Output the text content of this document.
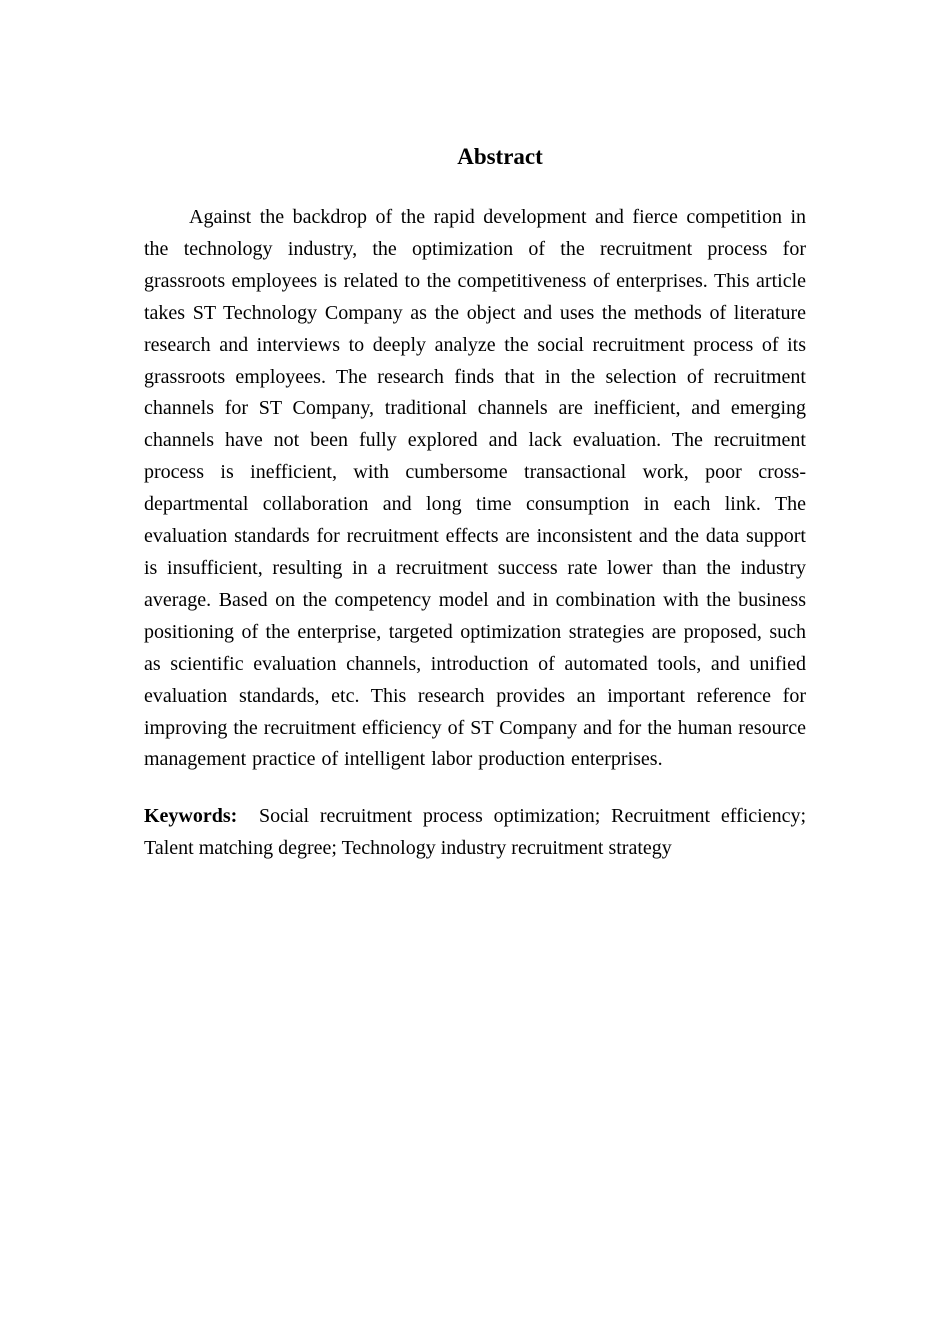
Abstract

Against the backdrop of the rapid development and fierce competition in the technology industry, the optimization of the recruitment process for grassroots employees is related to the competitiveness of enterprises. This article takes ST Technology Company as the object and uses the methods of literature research and interviews to deeply analyze the social recruitment process of its grassroots employees. The research finds that in the selection of recruitment channels for ST Company, traditional channels are inefficient, and emerging channels have not been fully explored and lack evaluation. The recruitment process is inefficient, with cumbersome transactional work, poor cross-departmental collaboration and long time consumption in each link. The evaluation standards for recruitment effects are inconsistent and the data support is insufficient, resulting in a recruitment success rate lower than the industry average. Based on the competency model and in combination with the business positioning of the enterprise, targeted optimization strategies are proposed, such as scientific evaluation channels, introduction of automated tools, and unified evaluation standards, etc. This research provides an important reference for improving the recruitment efficiency of ST Company and for the human resource management practice of intelligent labor production enterprises.

Keywords: Social recruitment process optimization; Recruitment efficiency; Talent matching degree; Technology industry recruitment strategy
